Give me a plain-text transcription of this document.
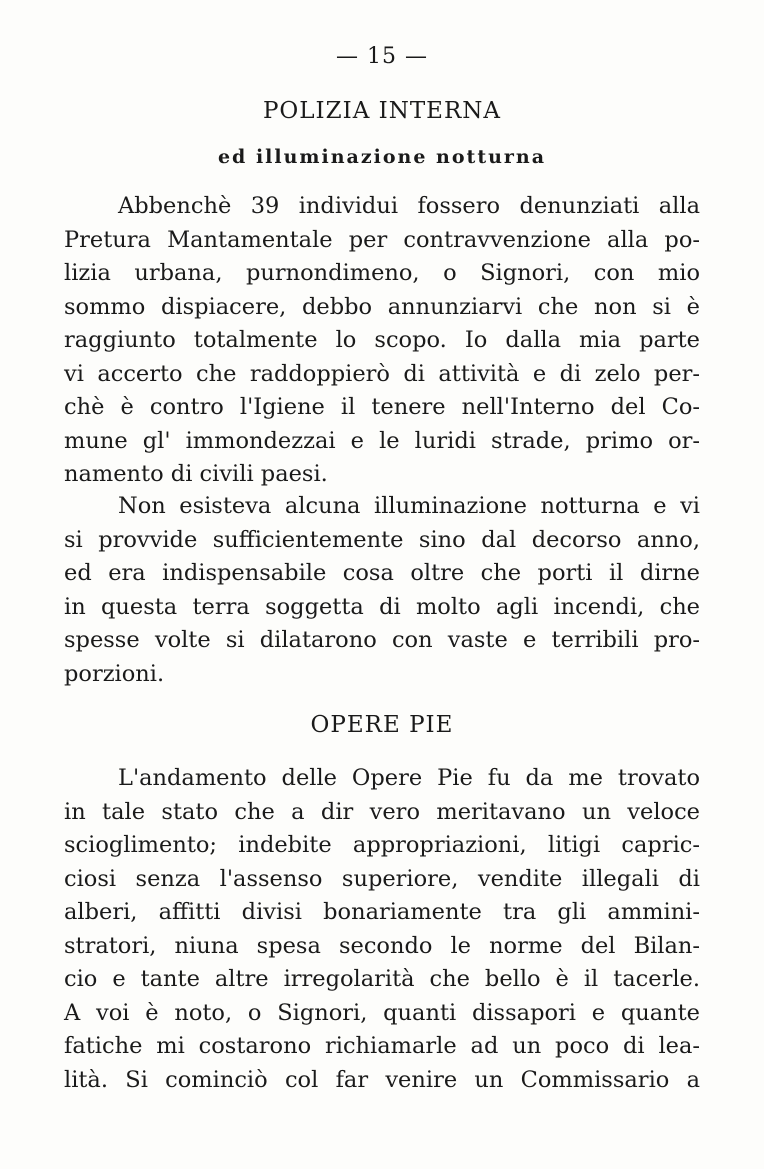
— 15 —
POLIZIA INTERNA
ed illuminazione notturna

Abbenchè 39 individui fossero denunziati alla
Pretura Mantamentale per contravvenzione alla po-
lizia urbana, purnondimeno, o Signori, con mio
sommo dispiacere, debbo annunziarvi che non si è
raggiunto totalmente lo scopo. Io dalla mia parte
vi accerto che raddoppierò di attività e di zelo per-
chè è contro l'Igiene il tenere nell'Interno del Co-
mune gl' immondezzai e le luridi strade, primo or-
namento di civili paesi.

Non esisteva alcuna illuminazione notturna e vi
si provvide sufficientemente sino dal decorso anno,
ed era indispensabile cosa oltre che porti il dirne
in questa terra soggetta di molto agli incendi, che
spesse volte si dilatarono con vaste e terribili pro-
porzioni.

OPERE PIE

L'andamento delle Opere Pie fu da me trovato
in tale stato che a dir vero meritavano un veloce
scioglimento; indebite appropriazioni, litigi capric-
ciosi senza l'assenso superiore, vendite illegali di
alberi, affitti divisi bonariamente tra gli ammini-
stratori, niuna spesa secondo le norme del Bilan-
cio e tante altre irregolarità che bello è il tacerle.
A voi è noto, o Signori, quanti dissapori e quante
fatiche mi costarono richiamarle ad un poco di lea-
lità. Si cominciò col far venire un Commissario a
